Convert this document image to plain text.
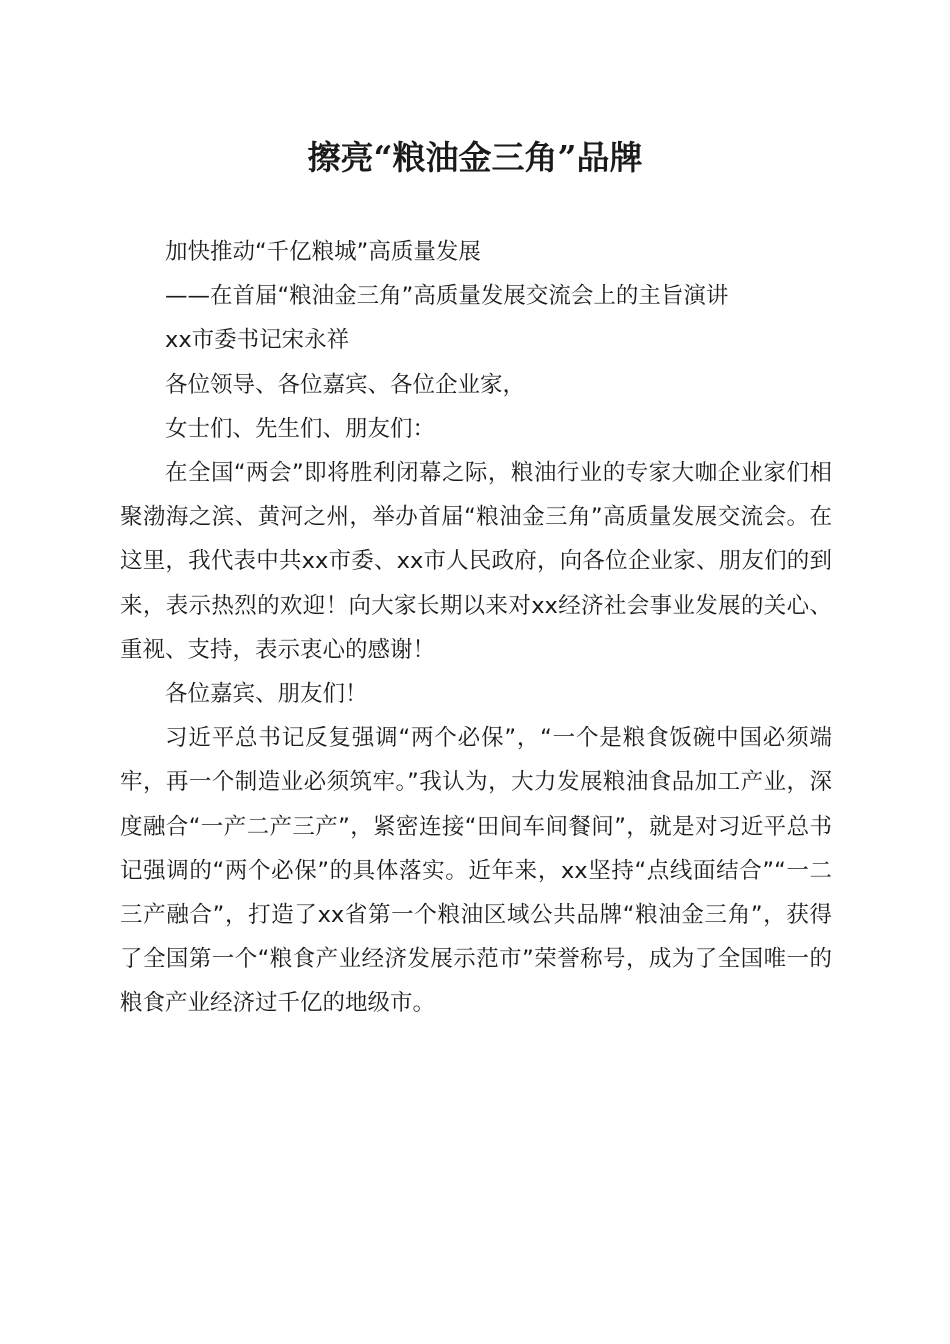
擦亮“粮油金三角”品牌

加快推动“千亿粮城”高质量发展

——在首届“粮油金三角”高质量发展交流会上的主旨演讲

xx市委书记宋永祥

各位领导、各位嘉宾、各位企业家，

女士们、先生们、朋友们：

在全国“两会”即将胜利闭幕之际，粮油行业的专家大咖企业家们相聚渤海之滨、黄河之州，举办首届“粮油金三角”高质量发展交流会。在这里，我代表中共xx市委、xx市人民政府，向各位企业家、朋友们的到来，表示热烈的欢迎！向大家长期以来对xx经济社会事业发展的关心、重视、支持，表示衷心的感谢！

各位嘉宾、朋友们！

习近平总书记反复强调“两个必保”，“一个是粮食饭碗中国必须端牢，再一个制造业必须筑牢。”我认为，大力发展粮油食品加工产业，深度融合“一产二产三产”，紧密连接“田间车间餐间”，就是对习近平总书记强调的“两个必保”的具体落实。近年来，xx坚持“点线面结合”“一二三产融合”，打造了xx省第一个粮油区域公共品牌“粮油金三角”，获得了全国第一个“粮食产业经济发展示范市”荣誉称号，成为了全国唯一的粮食产业经济过千亿的地级市。
